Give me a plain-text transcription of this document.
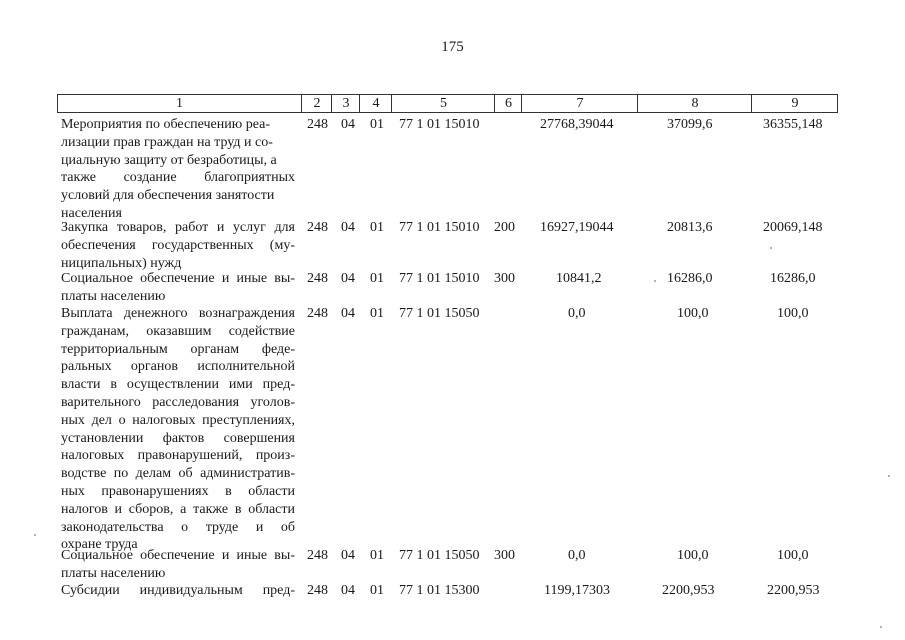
175
1	2	3	4	5	6	7	8	9
Мероприятия по обеспечению реа-
лизации прав граждан на труд и со-
циальную защиту от безработицы, а
также создание благоприятных
условий для обеспечения занятости
населения
248 04 01 77 1 01 15010	27768,39044	37099,6	36355,148
Закупка товаров, работ и услуг для
обеспечения государственных (му-
ниципальных) нужд
248 04 01 77 1 01 15010 200 16927,19044	20813,6	20069,148
Социальное обеспечение и иные вы-
платы населению
248 04 01 77 1 01 15010 300	10841,2	16286,0	16286,0
Выплата денежного вознаграждения
гражданам, оказавшим содействие
территориальным органам феде-
ральных органов исполнительной
власти в осуществлении ими пред-
варительного расследования уголов-
ных дел о налоговых преступлениях,
установлении фактов совершения
налоговых правонарушений, произ-
водстве по делам об административ-
ных правонарушениях в области
налогов и сборов, а также в области
законодательства о труде и об
охране труда
248 04 01 77 1 01 15050	0,0	100,0	100,0
Социальное обеспечение и иные вы-
платы населению
248 04 01 77 1 01 15050 300	0,0	100,0	100,0
Субсидии индивидуальным пред- 248 04 01 77 1 01 15300	1199,17303	2200,953	2200,953
